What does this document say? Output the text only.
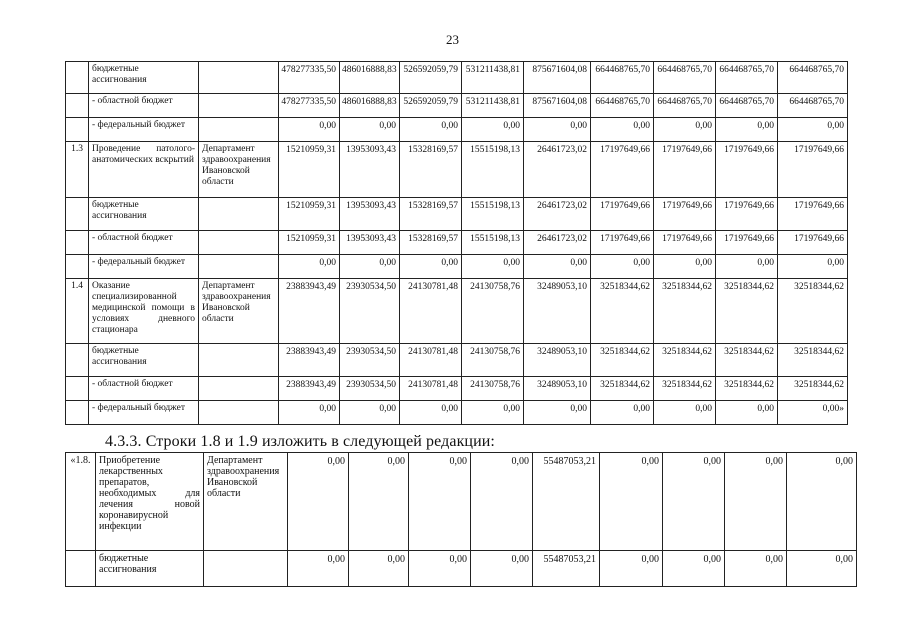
23
	бюджетные ассигнования		478277335,50	486016888,83	526592059,79	531211438,81	875671604,08	664468765,70	664468765,70	664468765,70	664468765,70
	- областной бюджет		478277335,50	486016888,83	526592059,79	531211438,81	875671604,08	664468765,70	664468765,70	664468765,70	664468765,70
	- федеральный бюджет		0,00	0,00	0,00	0,00	0,00	0,00	0,00	0,00	0,00
1.3	Проведение патолого-анатомических вскрытий	Департамент здравоохранения Ивановской области	15210959,31	13953093,43	15328169,57	15515198,13	26461723,02	17197649,66	17197649,66	17197649,66	17197649,66
	бюджетные ассигнования		15210959,31	13953093,43	15328169,57	15515198,13	26461723,02	17197649,66	17197649,66	17197649,66	17197649,66
	- областной бюджет		15210959,31	13953093,43	15328169,57	15515198,13	26461723,02	17197649,66	17197649,66	17197649,66	17197649,66
	- федеральный бюджет		0,00	0,00	0,00	0,00	0,00	0,00	0,00	0,00	0,00
1.4	Оказание специализированной медицинской помощи в условиях дневного стационара	Департамент здравоохранения Ивановской области	23883943,49	23930534,50	24130781,48	24130758,76	32489053,10	32518344,62	32518344,62	32518344,62	32518344,62
	бюджетные ассигнования		23883943,49	23930534,50	24130781,48	24130758,76	32489053,10	32518344,62	32518344,62	32518344,62	32518344,62
	- областной бюджет		23883943,49	23930534,50	24130781,48	24130758,76	32489053,10	32518344,62	32518344,62	32518344,62	32518344,62
	- федеральный бюджет		0,00	0,00	0,00	0,00	0,00	0,00	0,00	0,00	0,00»
4.3.3. Строки 1.8 и 1.9 изложить в следующей редакции:
«1.8.	Приобретение лекарственных препаратов, необходимых для лечения новой коронавирусной инфекции	Департамент здравоохранения Ивановской области	0,00	0,00	0,00	0,00	55487053,21	0,00	0,00	0,00	0,00
	бюджетные ассигнования		0,00	0,00	0,00	0,00	55487053,21	0,00	0,00	0,00	0,00
